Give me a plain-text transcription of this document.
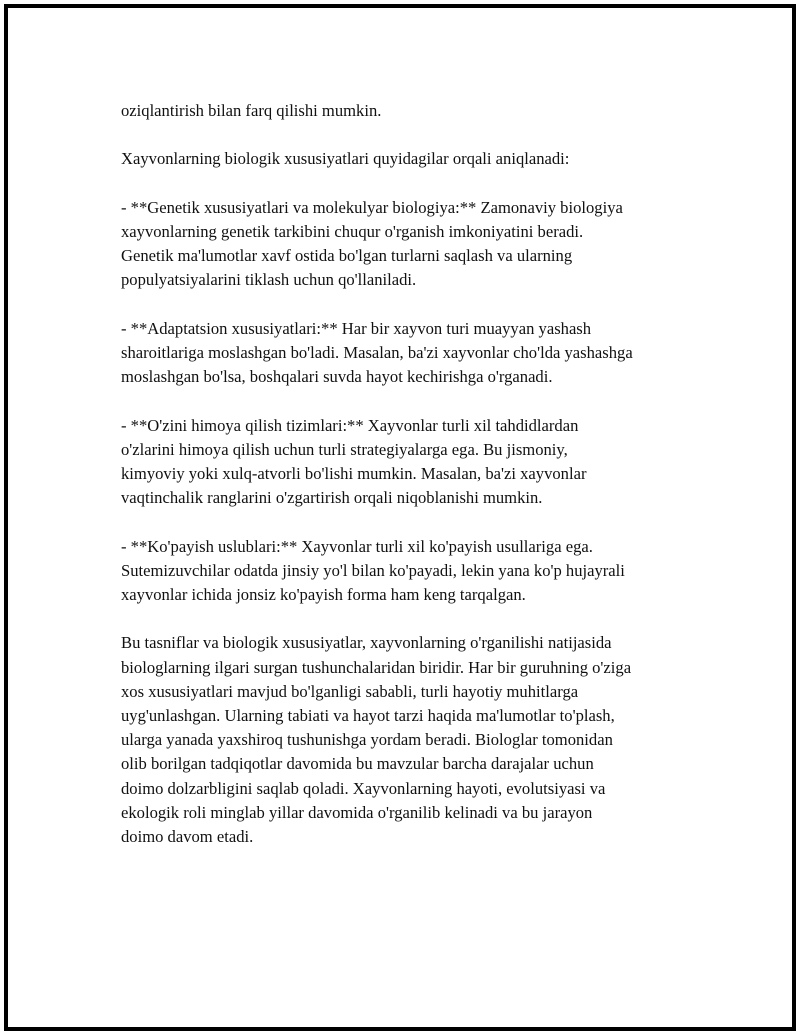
oziqlantirish bilan farq qilishi mumkin.

Xayvonlarning biologik xususiyatlari quyidagilar orqali aniqlanadi:

- **Genetik xususiyatlari va molekulyar biologiya:** Zamonaviy biologiya
xayvonlarning genetik tarkibini chuqur o'rganish imkoniyatini beradi.
Genetik ma'lumotlar xavf ostida bo'lgan turlarni saqlash va ularning
populyatsiyalarini tiklash uchun qo'llaniladi.

- **Adaptatsion xususiyatlari:** Har bir xayvon turi muayyan yashash
sharoitlariga moslashgan bo'ladi. Masalan, ba'zi xayvonlar cho'lda yashashga
moslashgan bo'lsa, boshqalari suvda hayot kechirishga o'rganadi.

- **O'zini himoya qilish tizimlari:** Xayvonlar turli xil tahdidlardan
o'zlarini himoya qilish uchun turli strategiyalarga ega. Bu jismoniy,
kimyoviy yoki xulq-atvorli bo'lishi mumkin. Masalan, ba'zi xayvonlar
vaqtinchalik ranglarini o'zgartirish orqali niqoblanishi mumkin.

- **Ko'payish uslublari:** Xayvonlar turli xil ko'payish usullariga ega.
Sutemizuvchilar odatda jinsiy yo'l bilan ko'payadi, lekin yana ko'p hujayrali
xayvonlar ichida jonsiz ko'payish forma ham keng tarqalgan.

Bu tasniflar va biologik xususiyatlar, xayvonlarning o'rganilishi natijasida
biologlarning ilgari surgan tushunchalaridan biridir. Har bir guruhning o'ziga
xos xususiyatlari mavjud bo'lganligi sababli, turli hayotiy muhitlarga
uyg'unlashgan. Ularning tabiati va hayot tarzi haqida ma'lumotlar to'plash,
ularga yanada yaxshiroq tushunishga yordam beradi. Biologlar tomonidan
olib borilgan tadqiqotlar davomida bu mavzular barcha darajalar uchun
doimo dolzarbligini saqlab qoladi. Xayvonlarning hayoti, evolutsiyasi va
ekologik roli minglab yillar davomida o'rganilib kelinadi va bu jarayon
doimo davom etadi.
